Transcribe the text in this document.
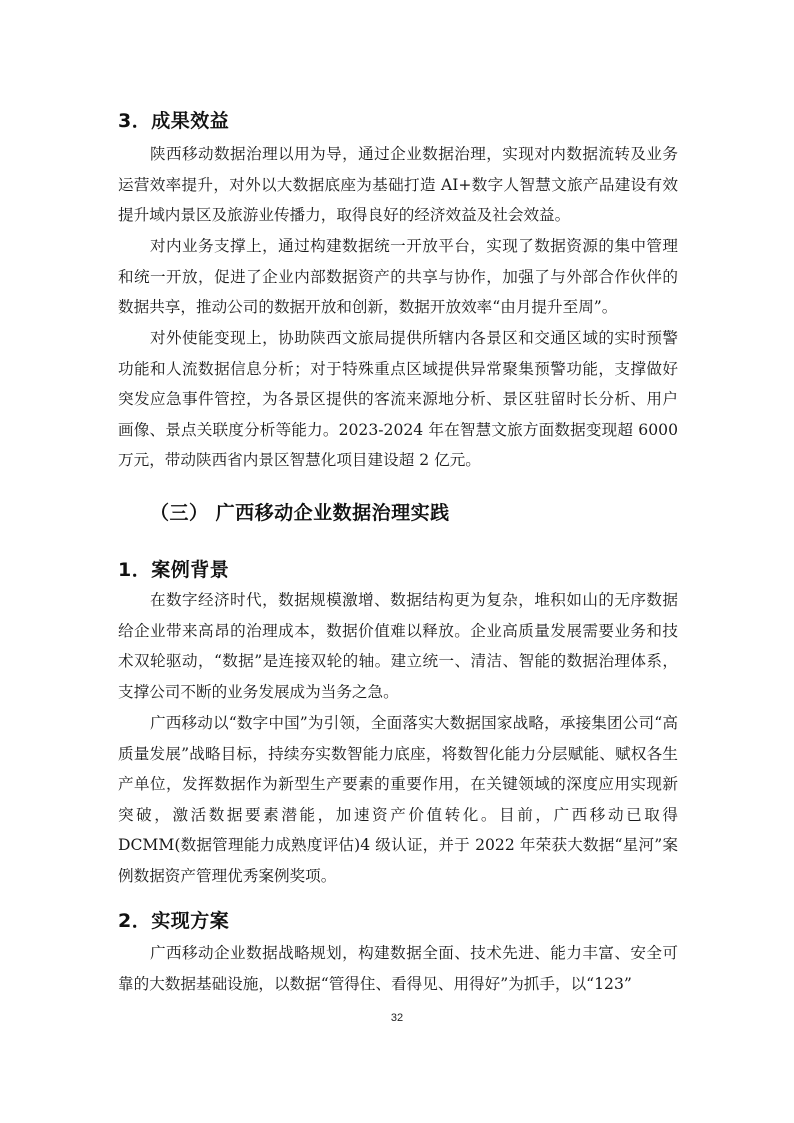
3．成果效益
陕西移动数据治理以用为导，通过企业数据治理，实现对内数据流转及业务运营效率提升，对外以大数据底座为基础打造 AI+数字人智慧文旅产品建设有效提升域内景区及旅游业传播力，取得良好的经济效益及社会效益。
对内业务支撑上，通过构建数据统一开放平台，实现了数据资源的集中管理和统一开放，促进了企业内部数据资产的共享与协作，加强了与外部合作伙伴的数据共享，推动公司的数据开放和创新，数据开放效率“由月提升至周”。
对外使能变现上，协助陕西文旅局提供所辖内各景区和交通区域的实时预警功能和人流数据信息分析；对于特殊重点区域提供异常聚集预警功能，支撑做好突发应急事件管控，为各景区提供的客流来源地分析、景区驻留时长分析、用户画像、景点关联度分析等能力。2023-2024 年在智慧文旅方面数据变现超 6000 万元，带动陕西省内景区智慧化项目建设超 2 亿元。
（三） 广西移动企业数据治理实践
1．案例背景
在数字经济时代，数据规模激增、数据结构更为复杂，堆积如山的无序数据给企业带来高昂的治理成本，数据价值难以释放。企业高质量发展需要业务和技术双轮驱动，“数据”是连接双轮的轴。建立统一、清洁、智能的数据治理体系，支撑公司不断的业务发展成为当务之急。
广西移动以“数字中国”为引领，全面落实大数据国家战略，承接集团公司“高质量发展”战略目标，持续夯实数智能力底座，将数智化能力分层赋能、赋权各生产单位，发挥数据作为新型生产要素的重要作用，在关键领域的深度应用实现新突破，激活数据要素潜能，加速资产价值转化。目前，广西移动已取得 DCMM(数据管理能力成熟度评估)4 级认证，并于 2022 年荣获大数据“星河”案例数据资产管理优秀案例奖项。
2．实现方案
广西移动企业数据战略规划，构建数据全面、技术先进、能力丰富、安全可靠的大数据基础设施，以数据“管得住、看得见、用得好”为抓手，以“123”
32
